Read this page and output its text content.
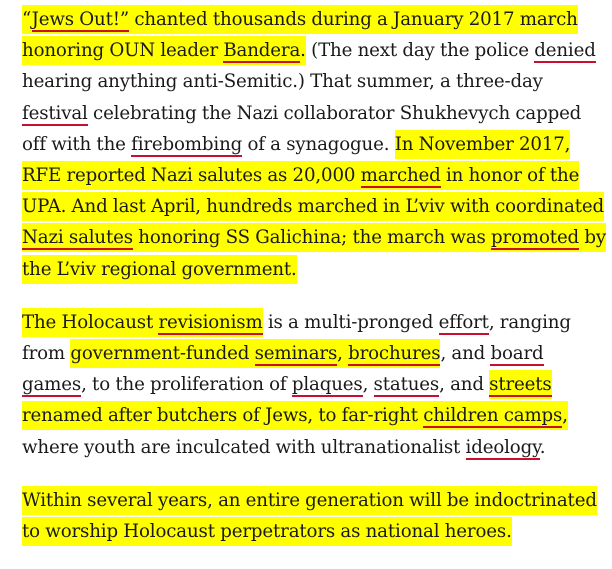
“Jews Out!” chanted thousands during a January 2017 march honoring OUN leader Bandera. (The next day the police denied hearing anything anti-Semitic.) That summer, a three-day festival celebrating the Nazi collaborator Shukhevych capped off with the firebombing of a synagogue. In November 2017, RFE reported Nazi salutes as 20,000 marched in honor of the UPA. And last April, hundreds marched in L’viv with coordinated Nazi salutes honoring SS Galichina; the march was promoted by the L’viv regional government.

The Holocaust revisionism is a multi-pronged effort, ranging from government-funded seminars, brochures, and board games, to the proliferation of plaques, statues, and streets renamed after butchers of Jews, to far-right children camps, where youth are inculcated with ultranationalist ideology.

Within several years, an entire generation will be indoctrinated to worship Holocaust perpetrators as national heroes.
